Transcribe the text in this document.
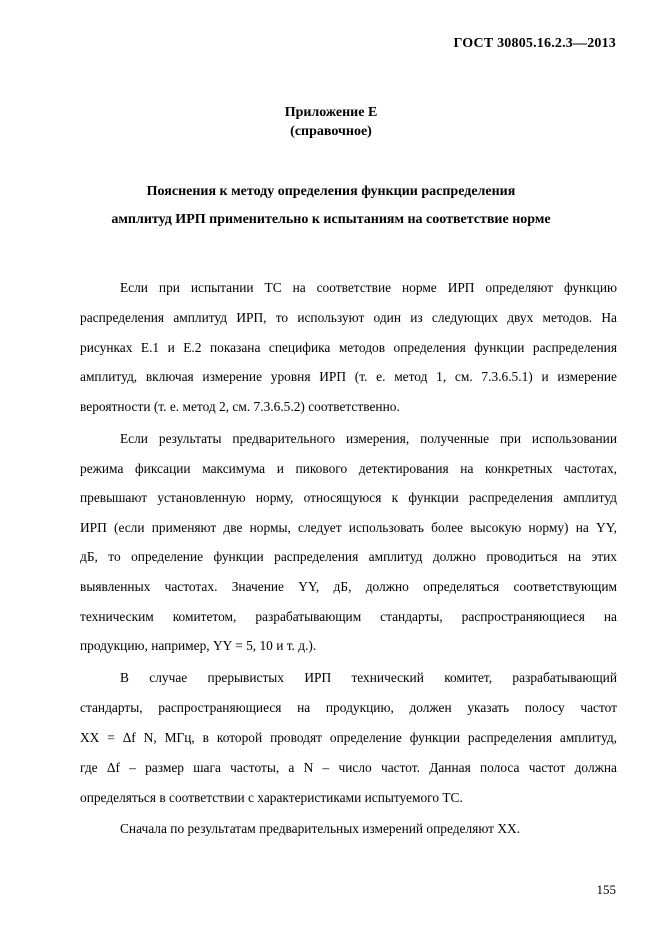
ГОСТ 30805.16.2.3—2013
Приложение Е
(справочное)
Пояснения к методу определения функции распределения
амплитуд ИРП применительно к испытаниям на соответствие норме
Если при испытании ТС на соответствие норме ИРП определяют функцию
распределения амплитуд ИРП, то используют один из следующих двух методов. На
рисунках Е.1 и Е.2 показана специфика методов определения функции распределения
амплитуд, включая измерение уровня ИРП (т. е. метод 1, см. 7.3.6.5.1) и измерение
вероятности (т. е. метод 2, см. 7.3.6.5.2) соответственно.
Если результаты предварительного измерения, полученные при использовании
режима фиксации максимума и пикового детектирования на конкретных частотах,
превышают установленную норму, относящуюся к функции распределения амплитуд
ИРП (если применяют две нормы, следует использовать более высокую норму) на YY,
дБ, то определение функции распределения амплитуд должно проводиться на этих
выявленных частотах. Значение YY, дБ, должно определяться соответствующим
техническим комитетом, разрабатывающим стандарты, распространяющиеся на
продукцию, например, YY = 5, 10 и т. д.).
В случае прерывистых ИРП технический комитет, разрабатывающий
стандарты, распространяющиеся на продукцию, должен указать полосу частот
XX = Δf N, МГц, в которой проводят определение функции распределения амплитуд,
где Δf – размер шага частоты, а N – число частот. Данная полоса частот должна
определяться в соответствии с характеристиками испытуемого ТС.
Сначала по результатам предварительных измерений определяют XX.
155
